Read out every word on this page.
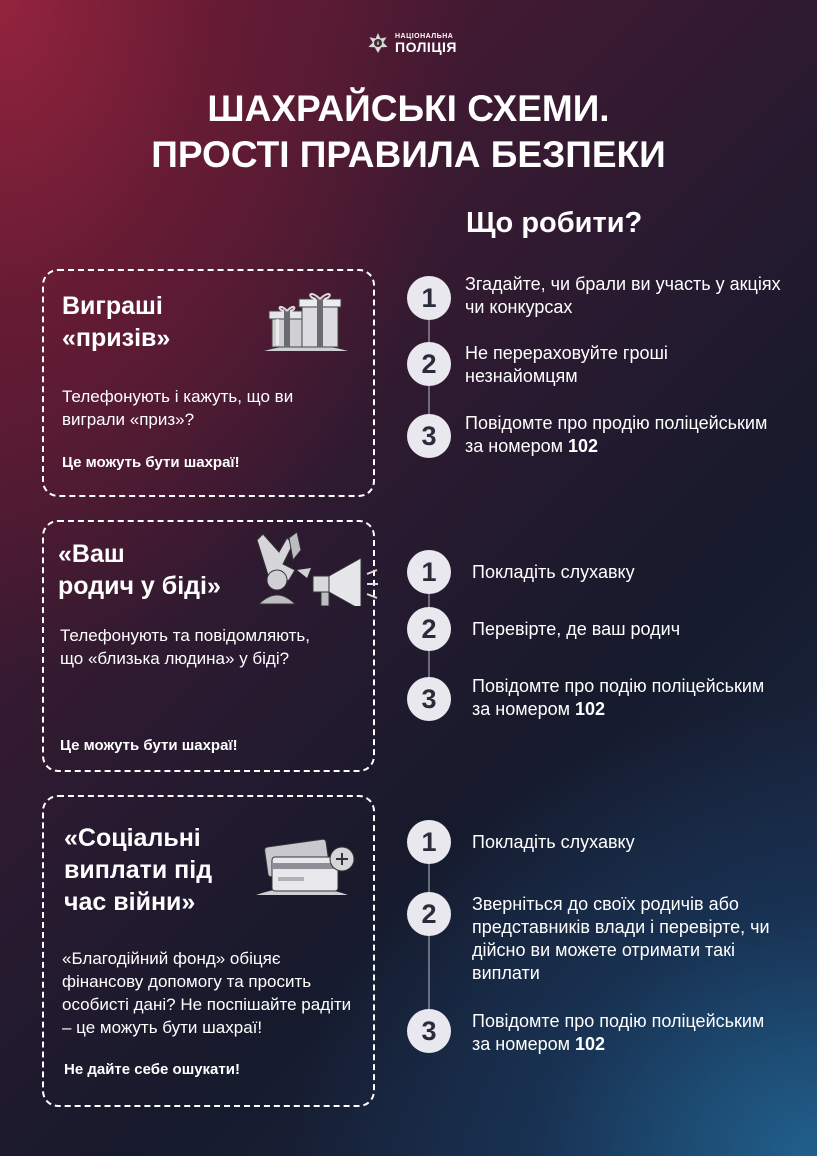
НАЦІОНАЛЬНА
ПОЛІЦІЯ
ШАХРАЙСЬКІ СХЕМИ.
ПРОСТІ ПРАВИЛА БЕЗПЕКИ
Що робити?
Виграші
«призів»
Телефонують і кажуть, що ви виграли «приз»?
Це можуть бути шахраї!
1	Згадайте, чи брали ви участь у акціях чи конкурсах
2	Не перераховуйте гроші незнайомцям
3	Повідомте про продію поліцейським за номером 102
«Ваш
родич у біді»
Телефонують та повідомляють, що «близька людина» у біді?
Це можуть бути шахраї!
1	Покладіть слухавку
2	Перевірте, де ваш родич
3	Повідомте про подію поліцейським за номером 102
«Соціальні
виплати під
час війни»
«Благодійний фонд» обіцяє фінансову допомогу та просить особисті дані? Не поспішайте радіти – це можуть бути шахраї!
Не дайте себе ошукати!
1	Покладіть слухавку
2	Зверніться до своїх родичів або представників влади і перевірте, чи дійсно ви можете отримати такі виплати
3	Повідомте про подію поліцейським за номером 102
